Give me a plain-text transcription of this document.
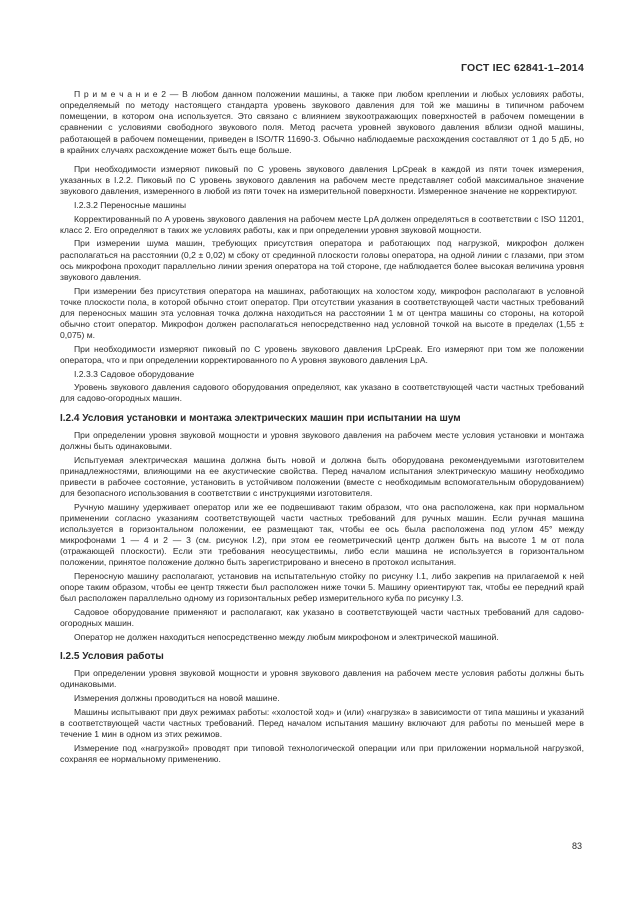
ГОСТ IEC 62841-1–2014

П р и м е ч а н и е 2 — В любом данном положении машины, а также при любом креплении и любых условиях работы, определяемый по методу настоящего стандарта уровень звукового давления для той же машины в типичном рабочем помещении, в котором она используется. Это связано с влиянием звукоотражающих поверхностей в рабочем помещении в сравнении с условиями свободного звукового поля. Метод расчета уровней звукового давления вблизи одной машины, работающей в рабочем помещении, приведен в ISO/TR 11690-3. Обычно наблюдаемые расхождения составляют от 1 до 5 дБ, но в крайних случаях расхождение может быть еще больше.

При необходимости измеряют пиковый по C уровень звукового давления LpCpeak в каждой из пяти точек измерения, указанных в I.2.2. Пиковый по C уровень звукового давления на рабочем месте представляет собой максимальное значение звукового давления, измеренного в любой из пяти точек на измерительной поверхности. Измеренное значение не корректируют.

I.2.3.2 Переносные машины

Корректированный по A уровень звукового давления на рабочем месте LpA должен определяться в соответствии с ISO 11201, класс 2. Его определяют в таких же условиях работы, как и при определении уровня звуковой мощности.

При измерении шума машин, требующих присутствия оператора и работающих под нагрузкой, микрофон должен располагаться на расстоянии (0,2 ± 0,02) м сбоку от срединной плоскости головы оператора, на одной линии с глазами, при этом ось микрофона проходит параллельно линии зрения оператора на той стороне, где наблюдается более высокая величина уровня звукового давления.

При измерении без присутствия оператора на машинах, работающих на холостом ходу, микрофон располагают в условной точке плоскости пола, в которой обычно стоит оператор. При отсутствии указания в соответствующей части частных требований для переносных машин эта условная точка должна находиться на расстоянии 1 м от центра машины со стороны, на которой обычно стоит оператор. Микрофон должен располагаться непосредственно над условной точкой на высоте в пределах (1,55 ± 0,075) м.

При необходимости измеряют пиковый по C уровень звукового давления LpCpeak. Его измеряют при том же положении оператора, что и при определении корректированного по A уровня звукового давления LpA.

I.2.3.3 Садовое оборудование

Уровень звукового давления садового оборудования определяют, как указано в соответствующей части частных требований для садово-огородных машин.

I.2.4 Условия установки и монтажа электрических машин при испытании на шум

При определении уровня звуковой мощности и уровня звукового давления на рабочем месте условия установки и монтажа должны быть одинаковыми.

Испытуемая электрическая машина должна быть новой и должна быть оборудована рекомендуемыми изготовителем принадлежностями, влияющими на ее акустические свойства. Перед началом испытания электрическую машину необходимо привести в рабочее состояние, установить в устойчивом положении (вместе с необходимым вспомогательным оборудованием) для безопасного использования в соответствии с инструкциями изготовителя.

Ручную машину удерживает оператор или же ее подвешивают таким образом, что она расположена, как при нормальном применении согласно указаниям соответствующей части частных требований для ручных машин. Если ручная машина используется в горизонтальном положении, ее размещают так, чтобы ее ось была расположена под углом 45° между микрофонами 1 — 4 и 2 — 3 (см. рисунок I.2), при этом ее геометрический центр должен быть на высоте 1 м от пола (отражающей плоскости). Если эти требования неосуществимы, либо если машина не используется в горизонтальном положении, принятое положение должно быть зарегистрировано и внесено в протокол испытания.

Переносную машину располагают, установив на испытательную стойку по рисунку I.1, либо закрепив на прилагаемой к ней опоре таким образом, чтобы ее центр тяжести был расположен ниже точки 5. Машину ориентируют так, чтобы ее передний край был расположен параллельно одному из горизонтальных ребер измерительного куба по рисунку I.3.

Садовое оборудование применяют и располагают, как указано в соответствующей части частных требований для садово-огородных машин.

Оператор не должен находиться непосредственно между любым микрофоном и электрической машиной.

I.2.5 Условия работы

При определении уровня звуковой мощности и уровня звукового давления на рабочем месте условия работы должны быть одинаковыми.

Измерения должны проводиться на новой машине.

Машины испытывают при двух режимах работы: «холостой ход» и (или) «нагрузка» в зависимости от типа машины и указаний в соответствующей части частных требований. Перед началом испытания машину включают для работы по меньшей мере в течение 1 мин в одном из этих режимов.

Измерение под «нагрузкой» проводят при типовой технологической операции или при приложении нормальной нагрузкой, сохраняя ее нормальному применению.

83
